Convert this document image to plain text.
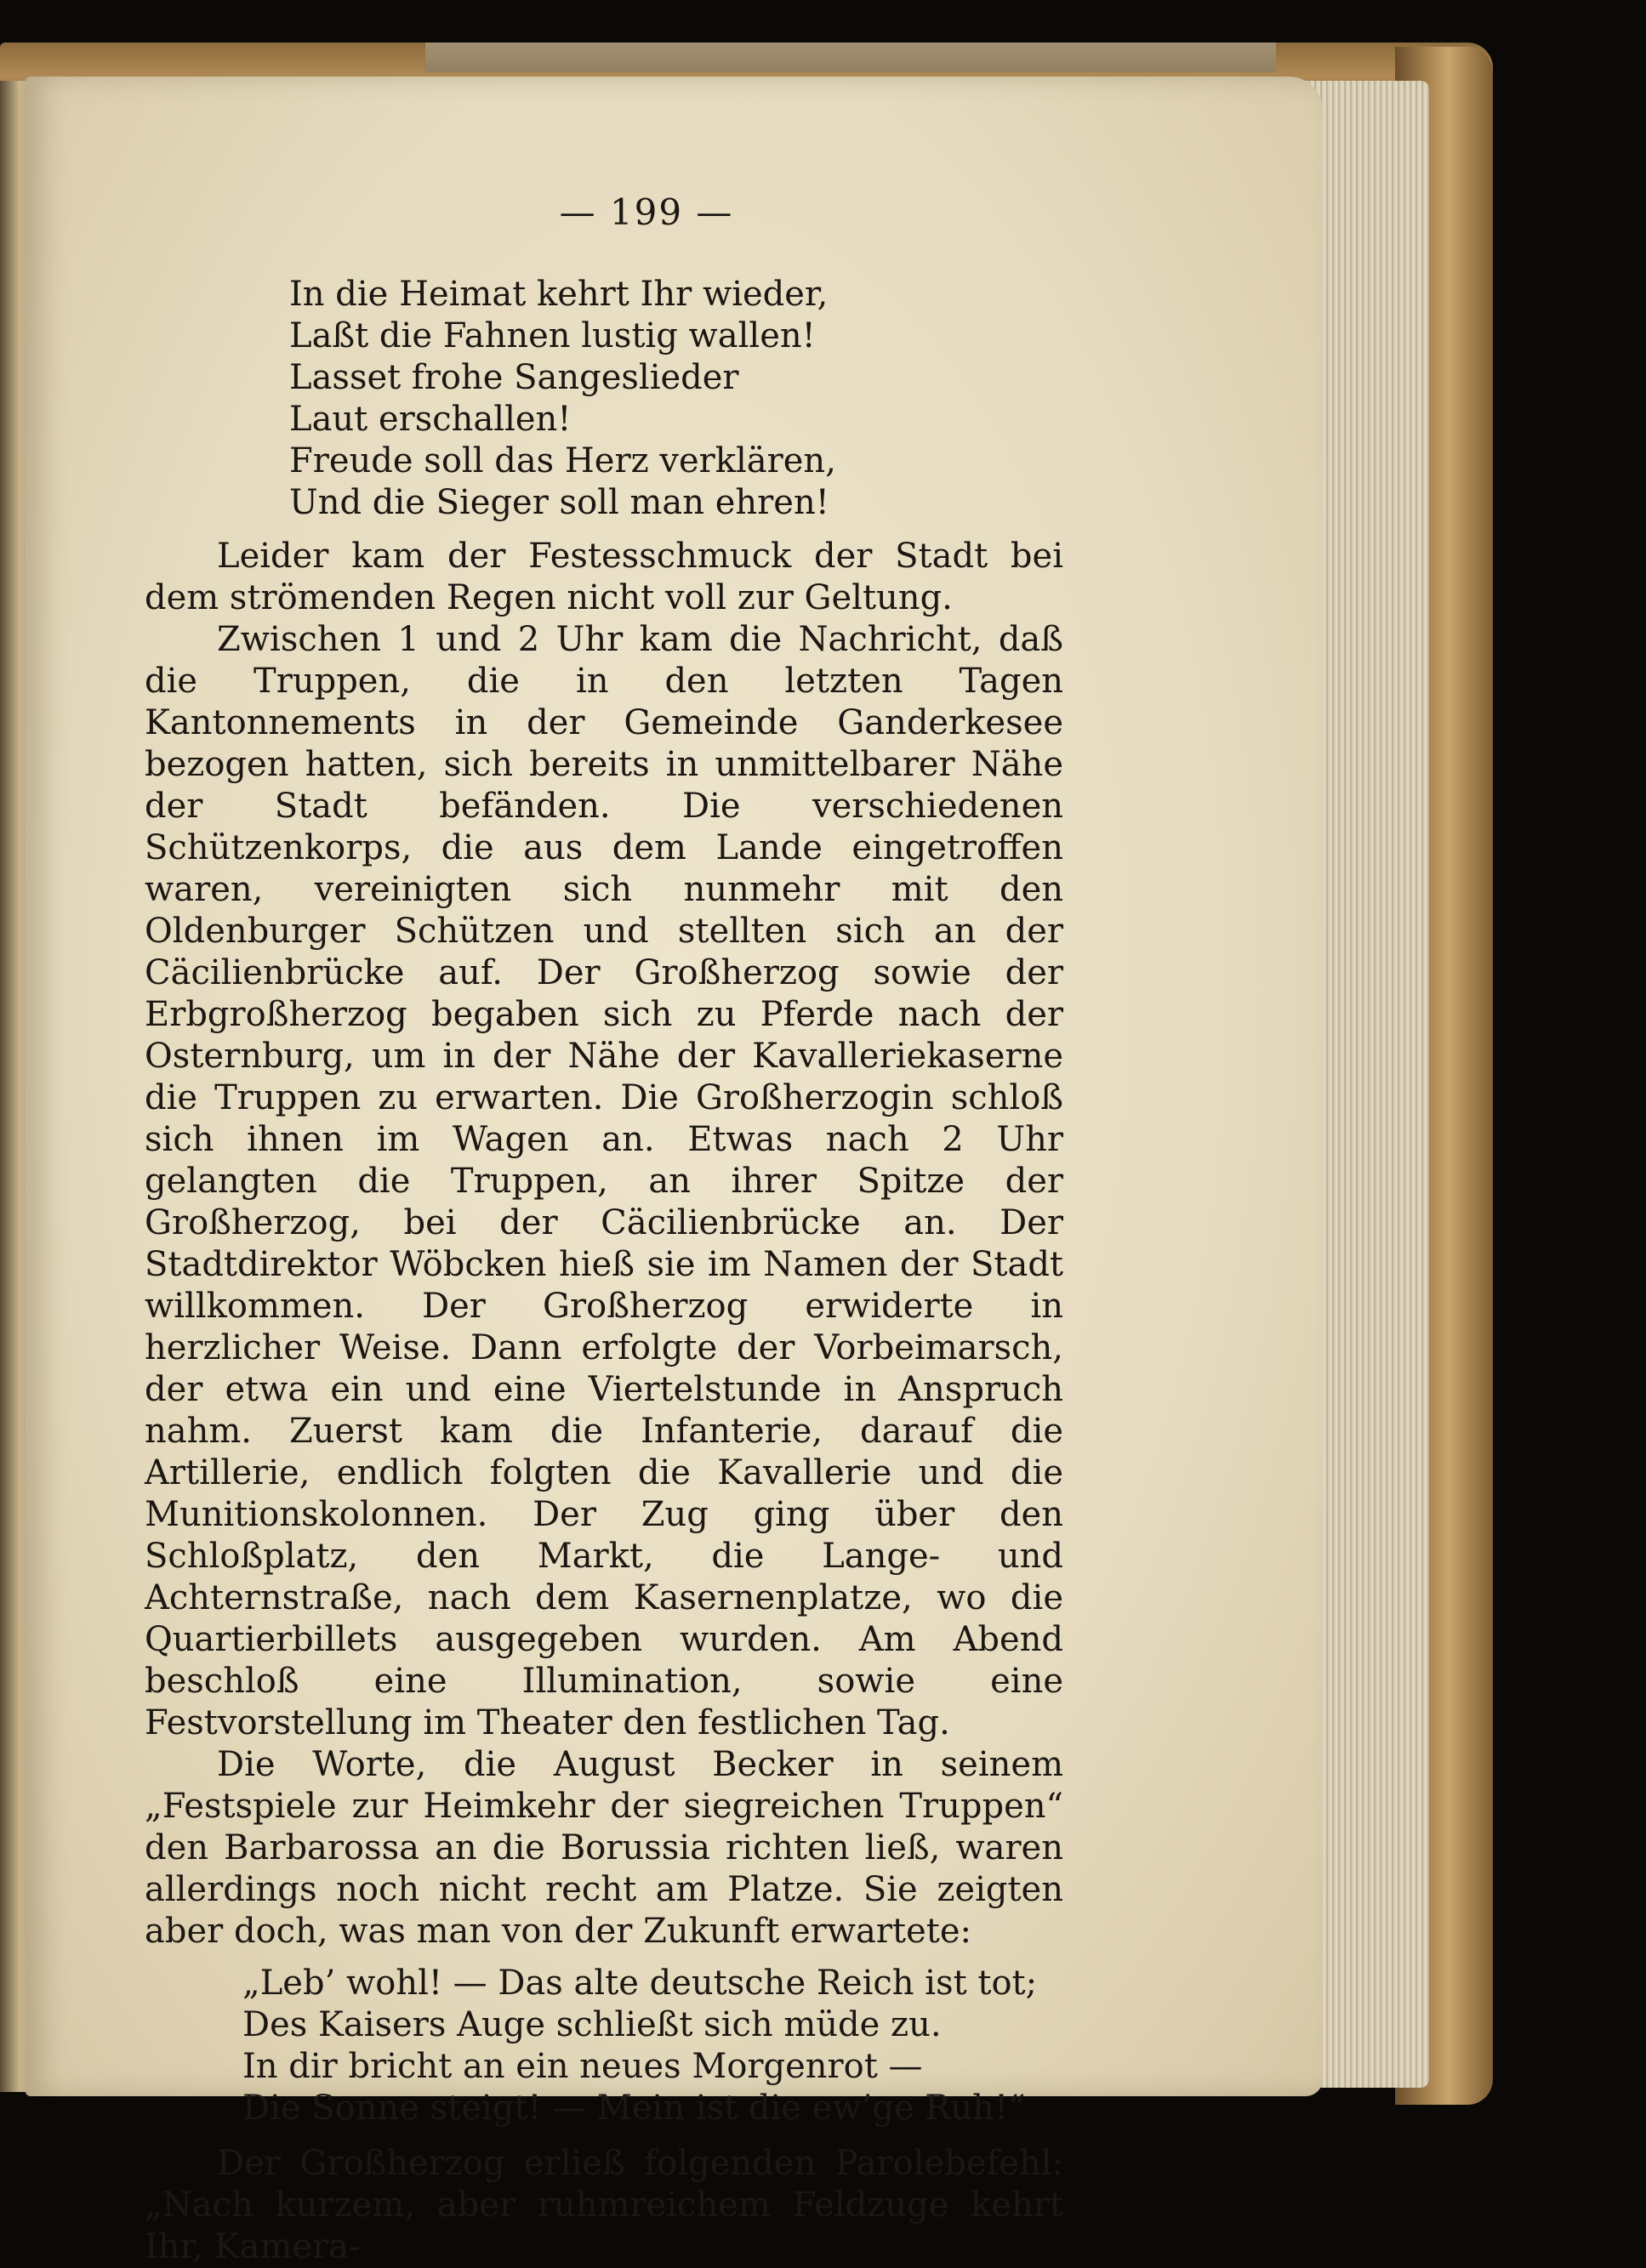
— 199 —
In die Heimat kehrt Ihr wieder,
Laßt die Fahnen lustig wallen!
Lasset frohe Sangeslieder
Laut erschallen!
Freude soll das Herz verklären,
Und die Sieger soll man ehren!

Leider kam der Festesschmuck der Stadt bei dem strömenden Regen nicht voll zur Geltung.

Zwischen 1 und 2 Uhr kam die Nachricht, daß die Truppen, die in den letzten Tagen Kantonnements in der Gemeinde Ganderkesee bezogen hatten, sich bereits in unmittelbarer Nähe der Stadt befänden. Die verschiedenen Schützenkorps, die aus dem Lande eingetroffen waren, vereinigten sich nunmehr mit den Oldenburger Schützen und stellten sich an der Cäcilienbrücke auf. Der Großherzog sowie der Erbgroßherzog begaben sich zu Pferde nach der Osternburg, um in der Nähe der Kavalleriekaserne die Truppen zu erwarten. Die Großherzogin schloß sich ihnen im Wagen an. Etwas nach 2 Uhr gelangten die Truppen, an ihrer Spitze der Großherzog, bei der Cäcilienbrücke an. Der Stadtdirektor Wöbcken hieß sie im Namen der Stadt willkommen. Der Großherzog erwiderte in herzlicher Weise. Dann erfolgte der Vorbeimarsch, der etwa ein und eine Viertelstunde in Anspruch nahm. Zuerst kam die Infanterie, darauf die Artillerie, endlich folgten die Kavallerie und die Munitionskolonnen. Der Zug ging über den Schloßplatz, den Markt, die Lange- und Achternstraße, nach dem Kasernenplatze, wo die Quartierbillets ausgegeben wurden. Am Abend beschloß eine Illumination, sowie eine Festvorstellung im Theater den festlichen Tag.

Die Worte, die August Becker in seinem „Festspiele zur Heimkehr der siegreichen Truppen“ den Barbarossa an die Borussia richten ließ, waren allerdings noch nicht recht am Platze. Sie zeigten aber doch, was man von der Zukunft erwartete:

„Leb’ wohl! — Das alte deutsche Reich ist tot;
Des Kaisers Auge schließt sich müde zu.
In dir bricht an ein neues Morgenrot —
Die Sonne steigt! — Mein ist die ew’ge Ruh!“

Der Großherzog erließ folgenden Parolebefehl: „Nach kurzem, aber ruhmreichem Feldzuge kehrt Ihr, Kamera-
